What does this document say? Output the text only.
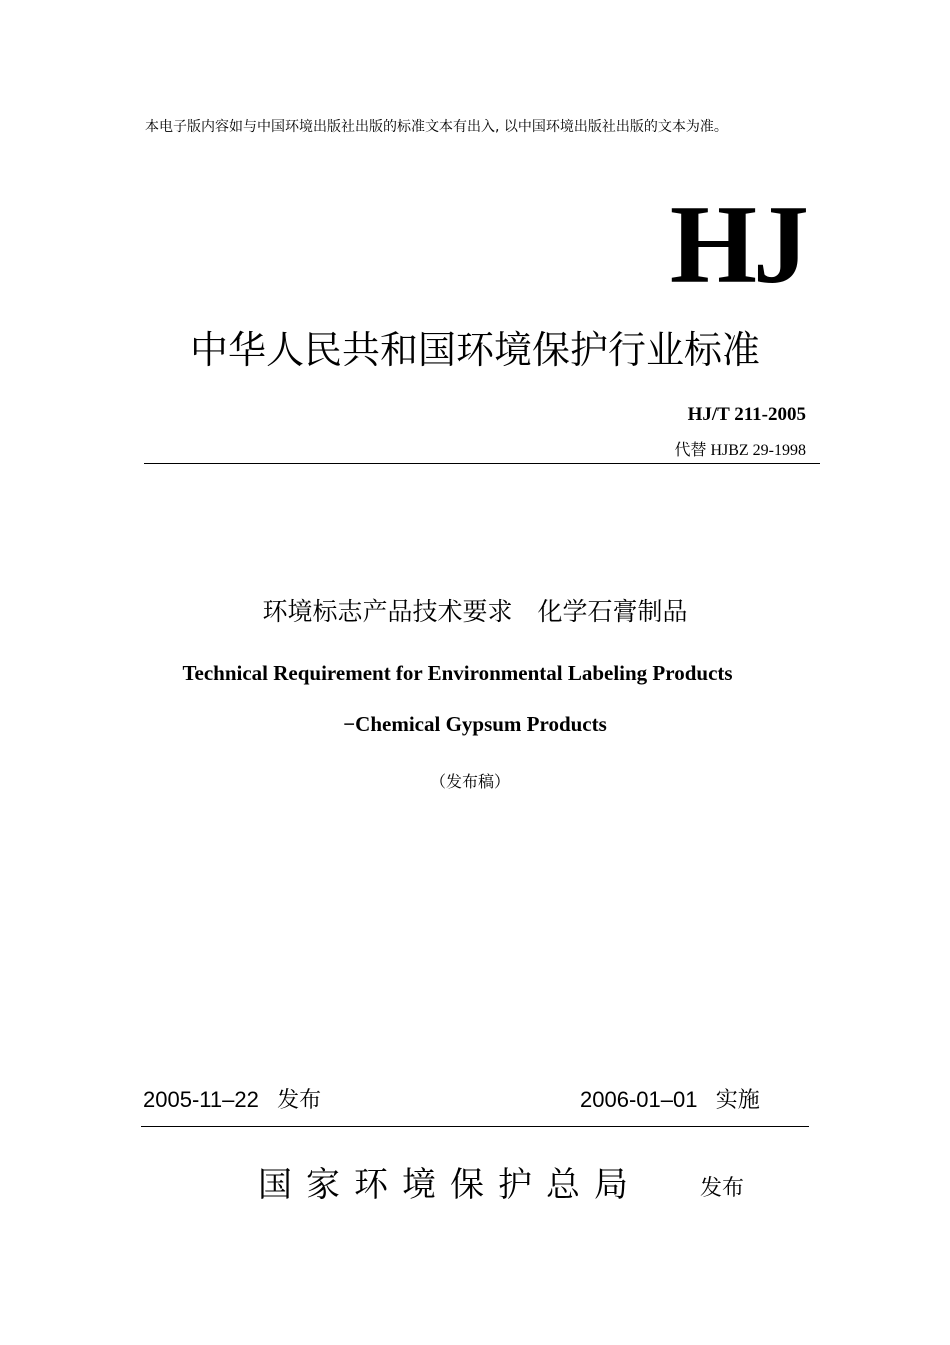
本电子版内容如与中国环境出版社出版的标准文本有出入, 以中国环境出版社出版的文本为准。
HJ
中华人民共和国环境保护行业标准
HJ/T 211-2005
代替 HJBZ 29-1998
环境标志产品技术要求　化学石膏制品
Technical Requirement for Environmental Labeling Products
−Chemical Gypsum Products
（发布稿）
2005-11–22 发布	2006-01–01 实施
国家环境保护总局	发布
